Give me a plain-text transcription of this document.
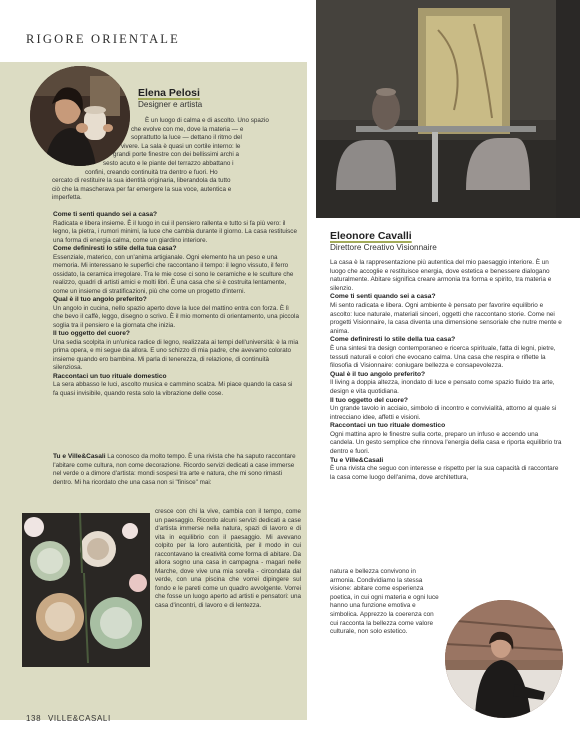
RIGORE ORIENTALE
Elena Pelosi
Designer e artista
È un luogo di calma e di ascolto. Uno spazio
che evolve con me, dove la materia — e
soprattutto la luce — dettano il ritmo del
vivere. La sala è quasi un cortile interno: le
grandi porte finestre con dei bellissimi archi a
sesto acuto e le piante del terrazzo abbattano i
confini, creando continuità tra dentro e fuori. Ho
cercato di restituire la sua identità originaria, liberandola da tutto
ciò che la mascherava per far emergere la sua voce, autentica e
imperfetta.
Come ti senti quando sei a casa?
Radicata e libera insieme. È il luogo in cui il pensiero rallenta e tutto si fa più vero: il legno, la pietra, i rumori minimi, la luce che cambia durante il giorno. La casa restituisce una forma di energia calma, come un giardino interiore.
Come definiresti lo stile della tua casa?
Essenziale, materico, con un'anima artigianale. Ogni elemento ha un peso e una memoria. Mi interessano le superfici che raccontano il tempo: il legno vissuto, il ferro ossidato, la ceramica irregolare. Tra le mie cose ci sono le ceramiche e le sculture che realizzo, quadri di artisti amici e molti libri. È una casa che si è costruita lentamente, come un insieme di stratificazioni, più che come un progetto d'interni.
Qual è il tuo angolo preferito?
Un angolo in cucina, nello spazio aperto dove la luce del mattino entra con forza. È lì che bevo il caffè, leggo, disegno o scrivo. È il mio momento di orientamento, una piccola soglia tra il pensiero e la giornata che inizia.
Il tuo oggetto del cuore?
Una sedia scolpita in un'unica radice di legno, realizzata ai tempi dell'università: è la mia prima opera, e mi segue da allora. E uno schizzo di mia padre, che avevamo colorato insieme quando ero bambina. Mi parla di tenerezza, di relazione, di continuità silenziosa.
Raccontaci un tuo rituale domestico
La sera abbasso le luci, ascolto musica e cammino scalza. Mi piace quando la casa si fa quasi invisibile, quando resta solo la vibrazione delle cose.
Tu e Ville&Casali La conosco da molto tempo. È una rivista che ha saputo raccontare l'abitare come cultura, non come decorazione. Ricordo servizi dedicati a case immerse nel verde o a dimore d'artista: mondi sospesi tra arte e natura, che mi sono rimasti dentro. Mi ha ricordato che una casa non si "finisce" mai:
cresce con chi la vive, cambia con il tempo, come un paesaggio. Ricordo alcuni servizi dedicati a case d'artista immerse nella natura, spazi di lavoro e di vita in equilibrio con il paesaggio. Mi avevano colpito per la loro autenticità, per il modo in cui raccontavano la creatività come forma di abitare. Da allora sogno una casa in campagna - magari nelle Marche, dove vive una mia sorella - circondata dal verde, con una piscina che vorrei dipingere sul fondo e le pareti come un quadro avvolgente. Vorrei che fosse un luogo aperto ad artisti e pensatori: una casa d'incontri, di lavoro e di lentezza.
Eleonore Cavalli
Direttore Creativo Visionnaire
La casa è la rappresentazione più autentica del mio paesaggio interiore. È un luogo che accoglie e restituisce energia, dove estetica e benessere dialogano naturalmente. Abitare significa creare armonia tra forma e spirito, tra materia e silenzio.
Come ti senti quando sei a casa?
Mi sento radicata e libera. Ogni ambiente è pensato per favorire equilibrio e ascolto: luce naturale, materiali sinceri, oggetti che raccontano storie. Come nei progetti Visionnaire, la casa diventa una dimensione sensoriale che nutre mente e anima.
Come definiresti lo stile della tua casa?
È una sintesi tra design contemporaneo e ricerca spirituale, fatta di legni, pietre, tessuti naturali e colori che evocano calma. Una casa che respira e riflette la filosofia di Visionnaire: coniugare bellezza e consapevolezza.
Qual è il tuo angolo preferito?
Il living a doppia altezza, inondato di luce e pensato come spazio fluido tra arte, design e vita quotidiana.
Il tuo oggetto del cuore?
Un grande tavolo in acciaio, simbolo di incontro e convivialità, attorno al quale si intrecciano idee, affetti e visioni.
Raccontaci un tuo rituale domestico
Ogni mattina apro le finestre sulla corte, preparo un infuso e accendo una candela. Un gesto semplice che rinnova l'energia della casa e riporta equilibrio tra dentro e fuori.
Tu e Ville&Casali
È una rivista che seguo con interesse e rispetto per la sua capacità di raccontare la casa come luogo dell'anima, dove architettura,
natura e bellezza convivono in armonia. Condividiamo la stessa visione: abitare come esperienza poetica, in cui ogni materia e ogni luce hanno una funzione emotiva e simbolica. Apprezzo la coerenza con cui racconta la bellezza come valore culturale, non solo estetico.
138 VILLE&CASALI
